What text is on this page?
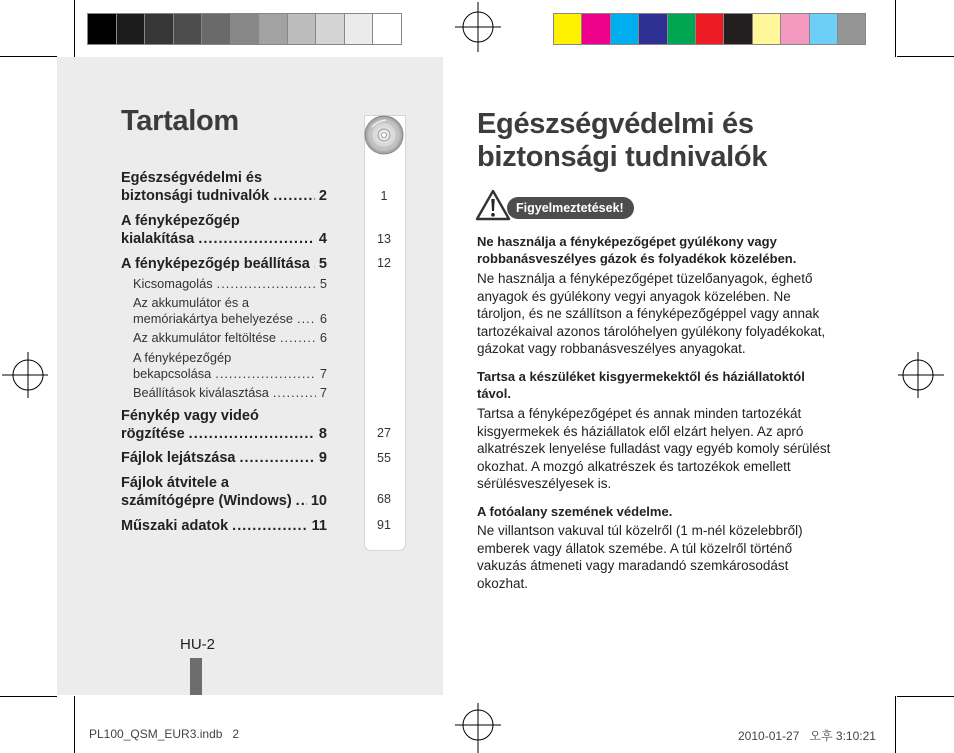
Tartalom
Egészségvédelmi és
biztonsági tudnivalók .....	2
A fényképezőgép
kialakítása .....	4
A fényképezőgép beállítása ..... 5
Kicsomagolás .....	5
Az akkumulátor és a
memóriakártya behelyezése ..... 6
Az akkumulátor feltöltése .....	6
A fényképezőgép
bekapcsolása .....	7
Beállítások kiválasztása .....	7
Fénykép vagy videó
rögzítése .....	8
Fájlok lejátszása .....	9
Fájlok átvitele a
számítógépre (Windows) ..... 10
Műszaki adatok .....	11
1
13
12
27
55
68
91
HU-2
Egészségvédelmi és
biztonsági tudnivalók
Figyelmeztetések!
Ne használja a fényképezőgépet gyúlékony vagy robbanásveszélyes gázok és folyadékok közelében.
Ne használja a fényképezőgépet tüzelőanyagok, éghető anyagok és gyúlékony vegyi anyagok közelében. Ne tároljon, és ne szállítson a fényképezőgéppel vagy annak tartozékaival azonos tárolóhelyen gyúlékony folyadékokat, gázokat vagy robbanásveszélyes anyagokat.
Tartsa a készüléket kisgyermekektől és háziállatoktól távol.
Tartsa a fényképezőgépet és annak minden tartozékát kisgyermekek és háziállatok elől elzárt helyen. Az apró alkatrészek lenyelése fulladást vagy egyéb komoly sérülést okozhat. A mozgó alkatrészek és tartozékok emellett sérülésveszélyesek is.
A fotóalany szemének védelme.
Ne villantson vakuval túl közelről (1 m-nél közelebbről) emberek vagy állatok szemébe. A túl közelről történő vakuzás átmeneti vagy maradandó szemkárosodást okozhat.
PL100_QSM_EUR3.indb   2	2010-01-27   오후 3:10:21
